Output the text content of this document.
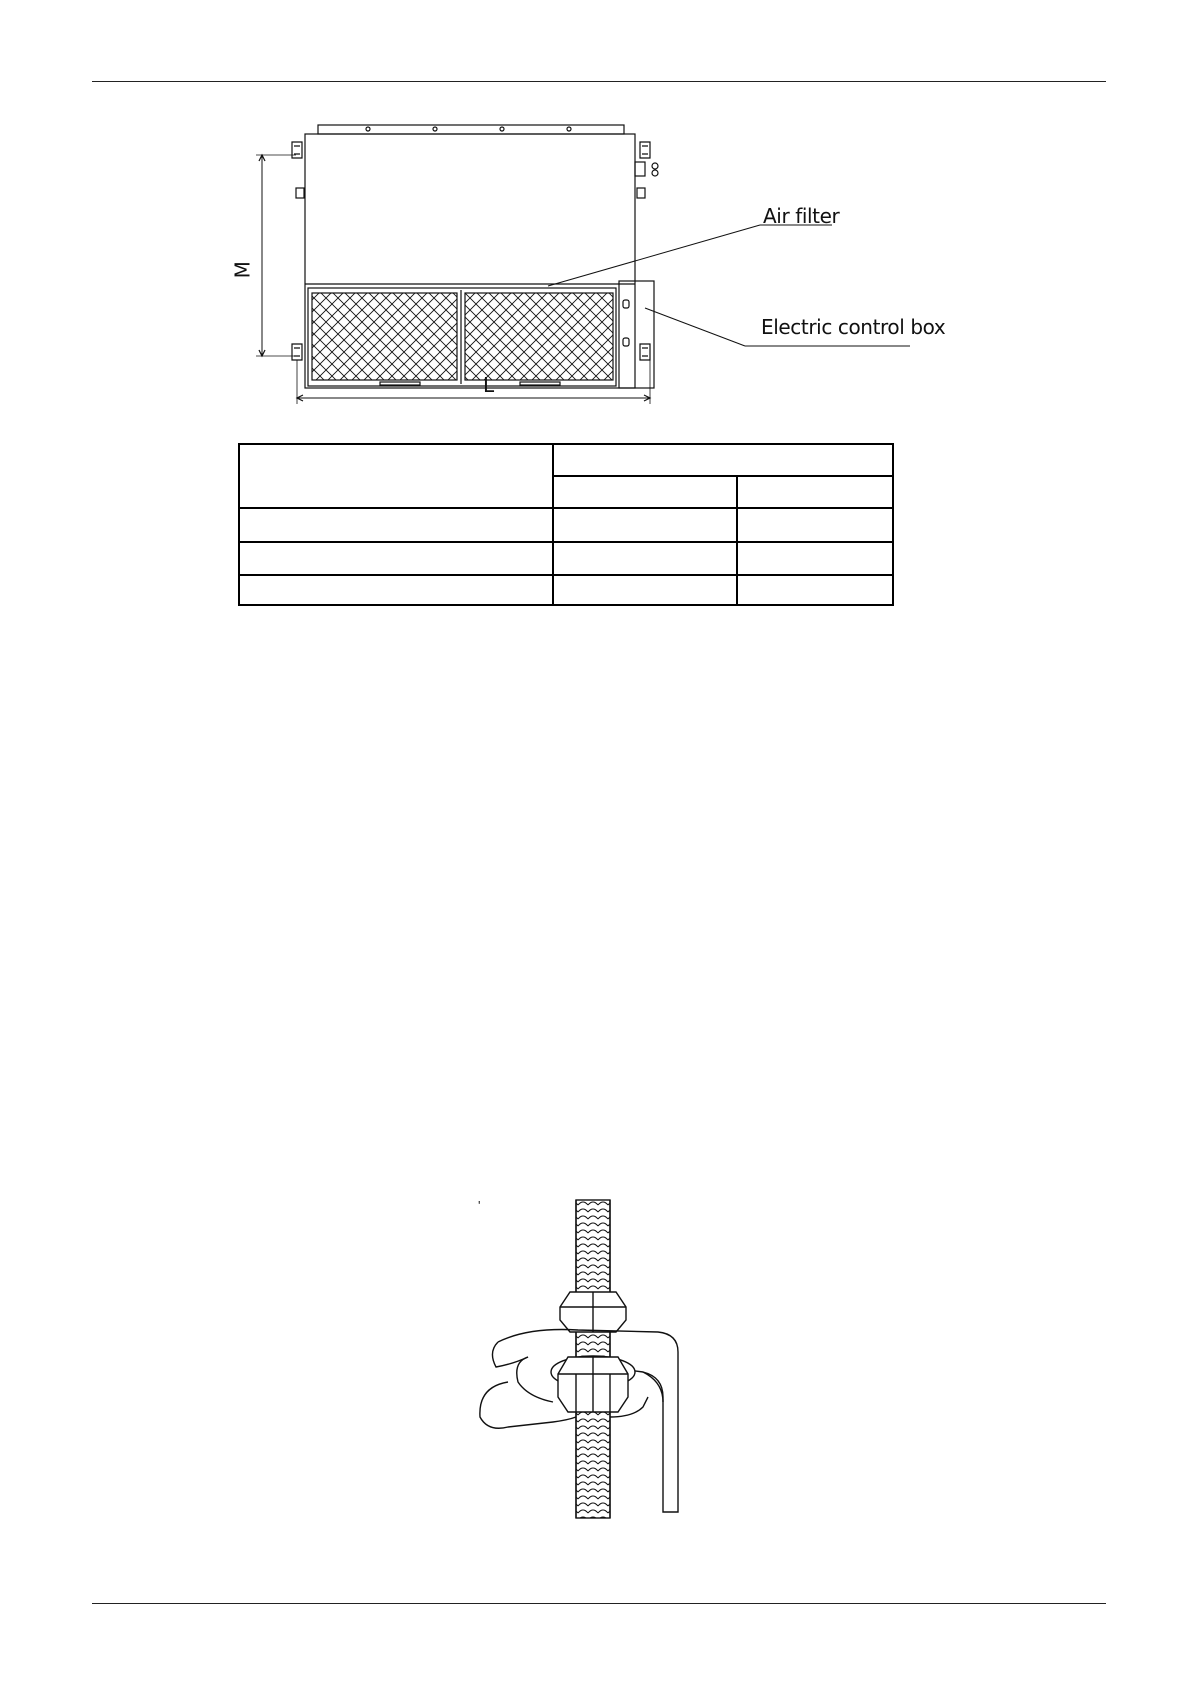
Air filter
Electric control box
M
L

'
